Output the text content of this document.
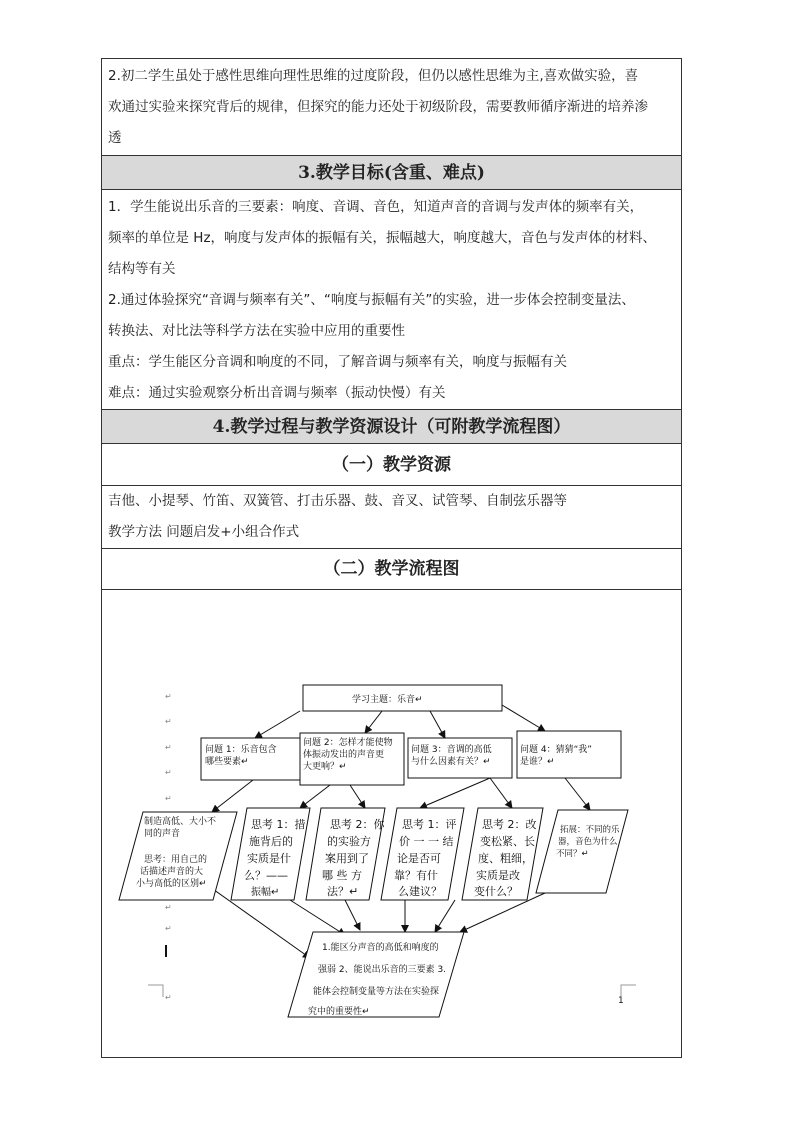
2.初二学生虽处于感性思维向理性思维的过度阶段，但仍以感性思维为主,喜欢做实验，喜

欢通过实验来探究背后的规律，但探究的能力还处于初级阶段，需要教师循序渐进的培养渗

透

3.教学目标(含重、难点)

1．学生能说出乐音的三要素：响度、音调、音色，知道声音的音调与发声体的频率有关，

频率的单位是 Hz，响度与发声体的振幅有关，振幅越大，响度越大，音色与发声体的材料、

结构等有关

2.通过体验探究“音调与频率有关”、“响度与振幅有关”的实验，进一步体会控制变量法、

转换法、对比法等科学方法在实验中应用的重要性

重点：学生能区分音调和响度的不同，了解音调与频率有关，响度与振幅有关

难点：通过实验观察分析出音调与频率（振动快慢）有关

4.教学过程与教学资源设计（可附教学流程图）
（一）教学资源

吉他、小提琴、竹笛、双簧管、打击乐器、鼓、音叉、试管琴、自制弦乐器等

教学方法 问题启发+小组合作式

（二）教学流程图
学习主题：乐音↵
问题 1：乐音包含
哪些要素↵
问题 2：怎样才能使物
体振动发出的声音更
大更响？↵
问题 3：音调的高低
与什么因素有关？↵
问题 4：猜猜“我”
是谁？↵
制造高低、大小不
同的声音
思考：用自己的
话描述声音的大
小与高低的区别↵
思考 1：措
施背后的
实质是什
么？——
振幅↵
思考 2：你
的实验方
案用到了
哪 些 方
法？↵
思考 1：评
价 一 一 结
论是否可
靠？有什
么建议？
思考 2：改
变松紧、长
度、粗细，
实质是改
变什么？
拓展：不同的乐
器，音色为什么
不同？↵
1.能区分声音的高低和响度的
强弱 2、能说出乐音的三要素 3.
能体会控制变量等方法在实验探
究中的重要性↵
↵
↵
↵
↵
↵
↵
↵
↵	1
